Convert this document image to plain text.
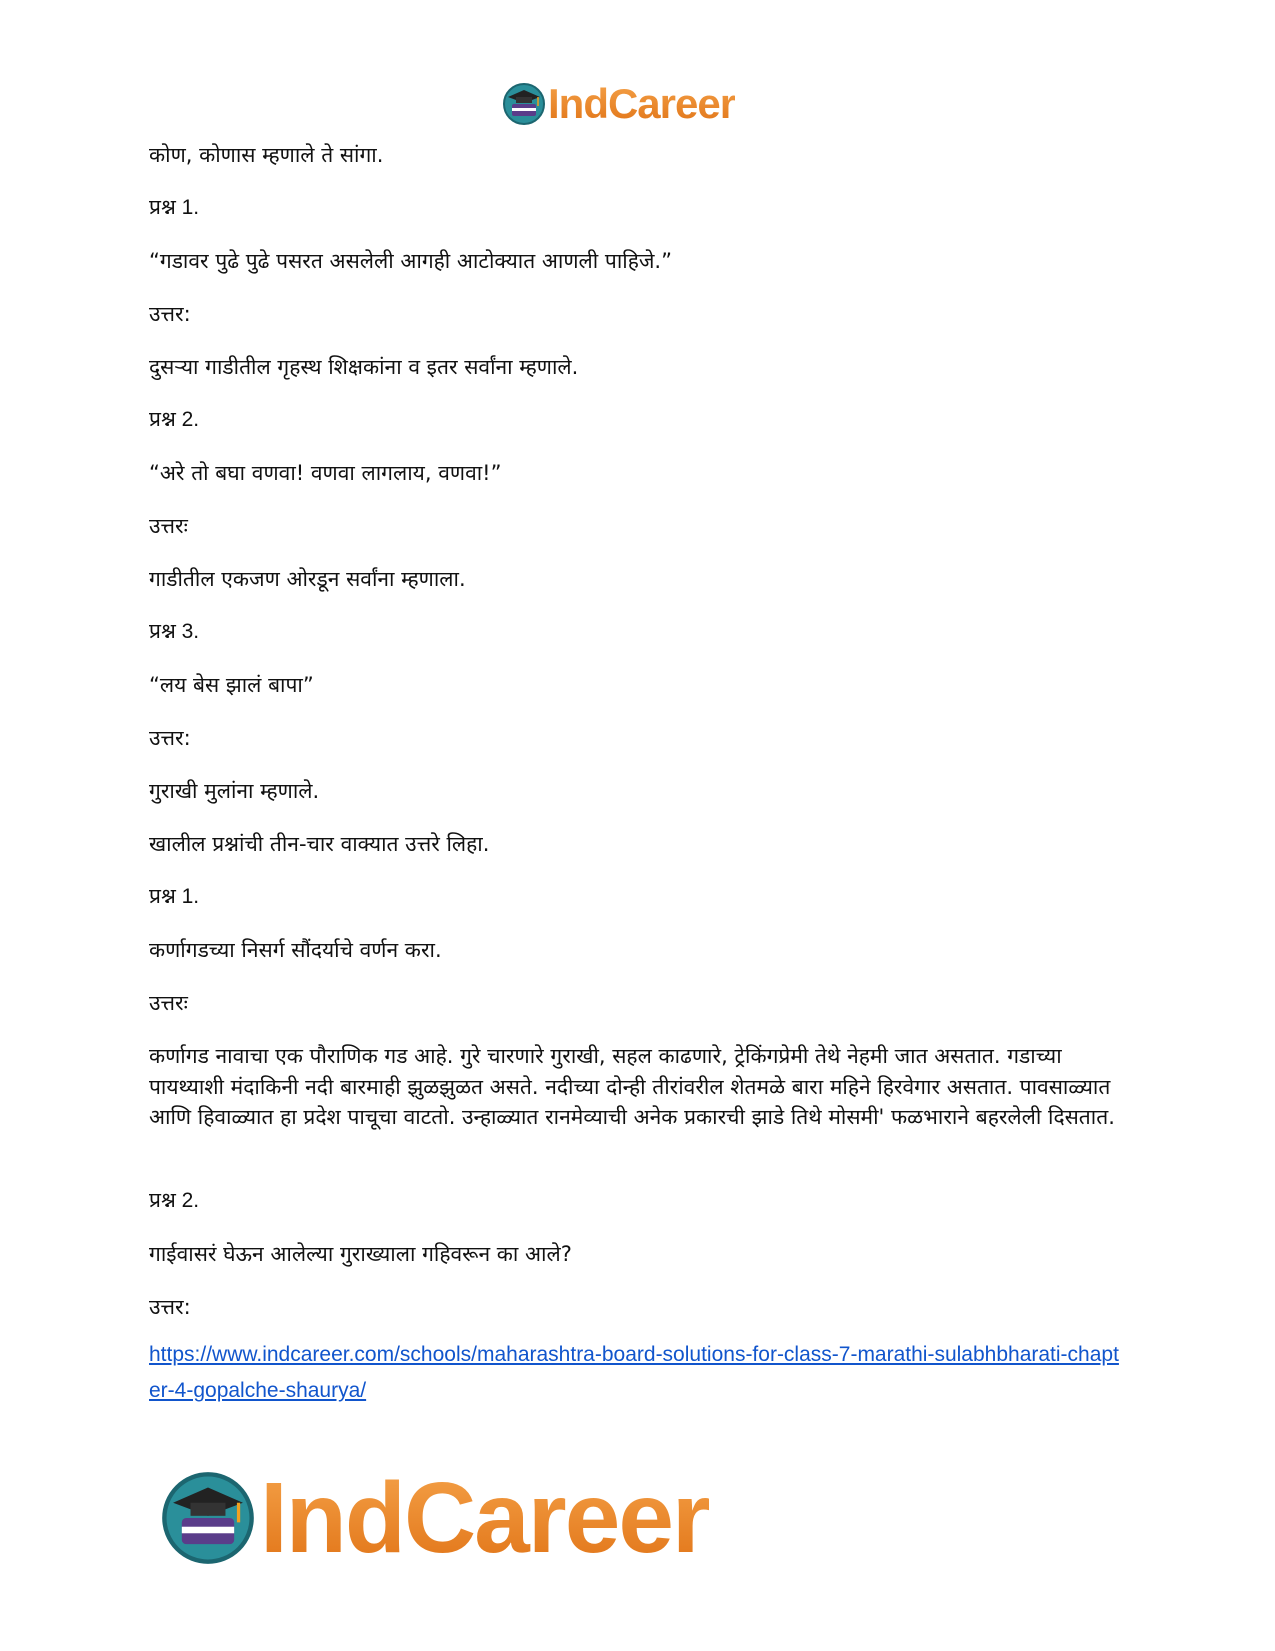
IndCareer
कोण, कोणास म्हणाले ते सांगा.
प्रश्न 1.
“गडावर पुढे पुढे पसरत असलेली आगही आटोक्यात आणली पाहिजे.”
उत्तर:
दुसऱ्या गाडीतील गृहस्थ शिक्षकांना व इतर सर्वांना म्हणाले.
प्रश्न 2.
“अरे तो बघा वणवा! वणवा लागलाय, वणवा!”
उत्तरः
गाडीतील एकजण ओरडून सर्वांना म्हणाला.
प्रश्न 3.
“लय बेस झालं बापा”
उत्तर:
गुराखी मुलांना म्हणाले.
खालील प्रश्नांची तीन-चार वाक्यात उत्तरे लिहा.
प्रश्न 1.
कर्णागडच्या निसर्ग सौंदर्याचे वर्णन करा.
उत्तरः
कर्णागड नावाचा एक पौराणिक गड आहे. गुरे चारणारे गुराखी, सहल काढणारे, ट्रेकिंगप्रेमी तेथे नेहमी जात असतात. गडाच्या पायथ्याशी मंदाकिनी नदी बारमाही झुळझुळत असते. नदीच्या दोन्ही तीरांवरील शेतमळे बारा महिने हिरवेगार असतात. पावसाळ्यात आणि हिवाळ्यात हा प्रदेश पाचूचा वाटतो. उन्हाळ्यात रानमेव्याची अनेक प्रकारची झाडे तिथे मोसमी' फळभाराने बहरलेली दिसतात.
प्रश्न 2.
गाईवासरं घेऊन आलेल्या गुराख्याला गहिवरून का आले?
उत्तर:
https://www.indcareer.com/schools/maharashtra-board-solutions-for-class-7-marathi-sulabhbharati-chapter-4-gopalche-shaurya/
IndCareer
